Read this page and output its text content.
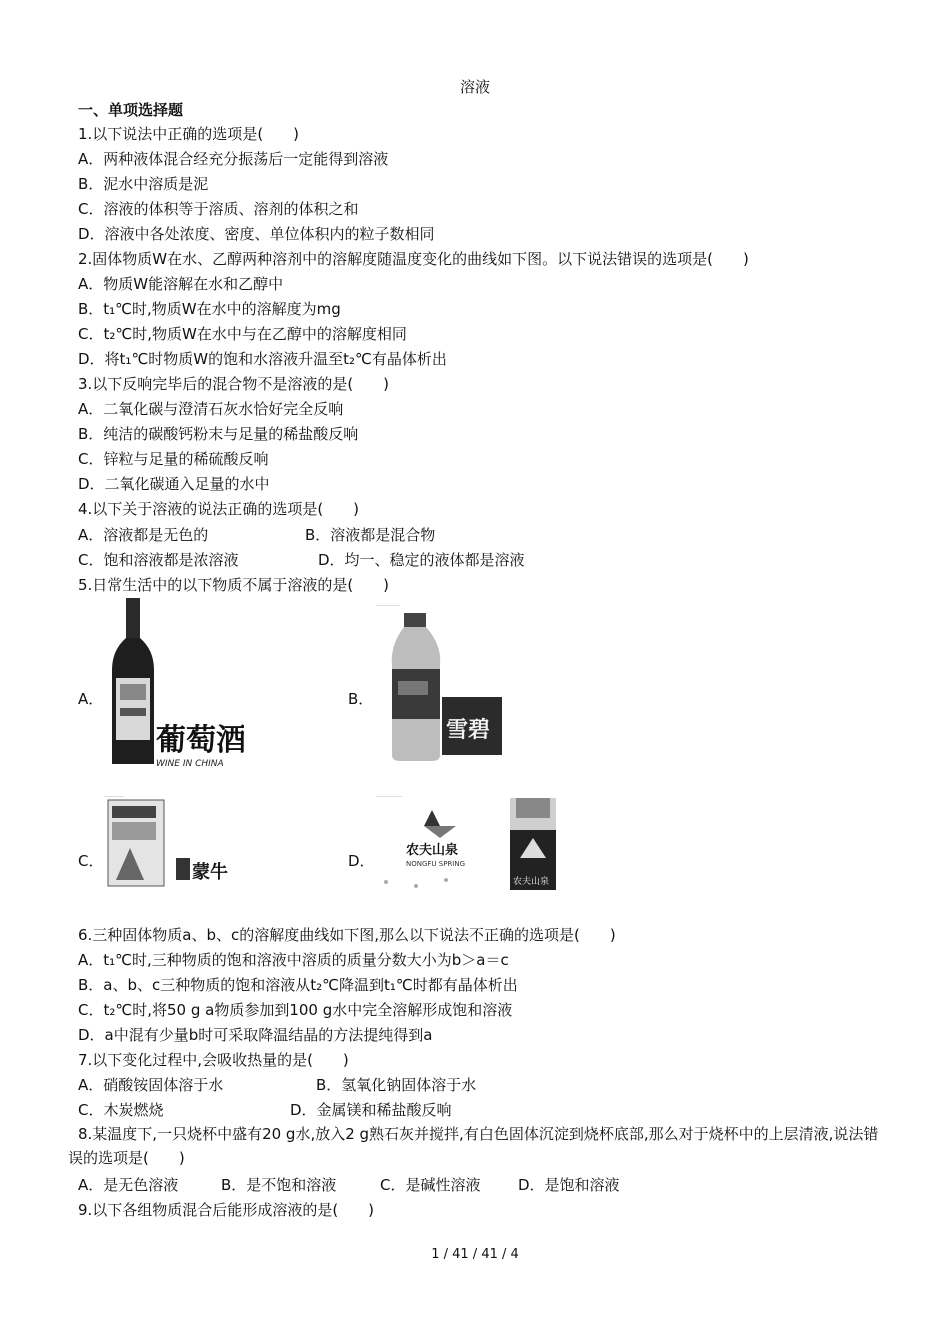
溶液
一、单项选择题
1.以下说法中正确的选项是(　　)
A．两种液体混合经充分振荡后一定能得到溶液
B．泥水中溶质是泥
C．溶液的体积等于溶质、溶剂的体积之和
D．溶液中各处浓度、密度、单位体积内的粒子数相同
2.固体物质W在水、乙醇两种溶剂中的溶解度随温度变化的曲线如下图。以下说法错误的选项是(　　)
A．物质W能溶解在水和乙醇中
B．t₁℃时,物质W在水中的溶解度为mg
C．t₂℃时,物质W在水中与在乙醇中的溶解度相同
D．将t₁℃时物质W的饱和水溶液升温至t₂℃有晶体析出
3.以下反响完毕后的混合物不是溶液的是(　　)
A．二氧化碳与澄清石灰水恰好完全反响
B．纯洁的碳酸钙粉末与足量的稀盐酸反响
C．锌粒与足量的稀硫酸反响
D．二氧化碳通入足量的水中
4.以下关于溶液的说法正确的选项是(　　)
A．溶液都是无色的	B．溶液都是混合物
C．饱和溶液都是浓溶液	D．均一、稳定的液体都是溶液
5.日常生活中的以下物质不属于溶液的是(　　)
A．
葡萄酒
WINE IN CHINA
B．
雪碧
C．
蒙牛
D．
农夫山泉
NONGFU SPRING
农夫山泉
6.三种固体物质a、b、c的溶解度曲线如下图,那么以下说法不正确的选项是(　　)
A．t₁℃时,三种物质的饱和溶液中溶质的质量分数大小为b＞a＝c
B．a、b、c三种物质的饱和溶液从t₂℃降温到t₁℃时都有晶体析出
C．t₂℃时,将50 g a物质参加到100 g水中完全溶解形成饱和溶液
D．a中混有少量b时可采取降温结晶的方法提纯得到a
7.以下变化过程中,会吸收热量的是(　　)
A．硝酸铵固体溶于水	B．氢氧化钠固体溶于水
C．木炭燃烧	D．金属镁和稀盐酸反响
8.某温度下,一只烧杯中盛有20 g水,放入2 g熟石灰并搅拌,有白色固体沉淀到烧杯底部,那么对于烧杯中的上层清液,说法错误的选项是(　　)
A．是无色溶液	B．是不饱和溶液	C．是碱性溶液	D．是饱和溶液
9.以下各组物质混合后能形成溶液的是(　　)
1 / 41 / 41 / 4
